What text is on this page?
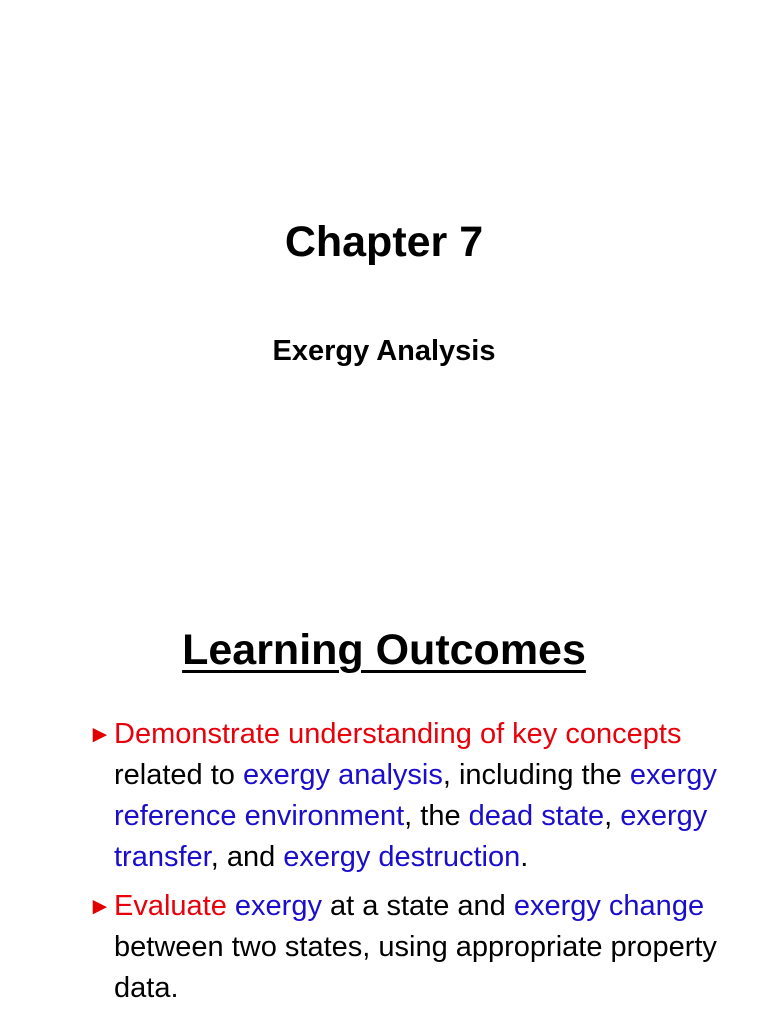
Chapter 7
Exergy Analysis
Learning Outcomes
► Demonstrate understanding of key concepts related to exergy analysis, including the exergy reference environment, the dead state, exergy transfer, and exergy destruction.
► Evaluate exergy at a state and exergy change between two states, using appropriate property data.
